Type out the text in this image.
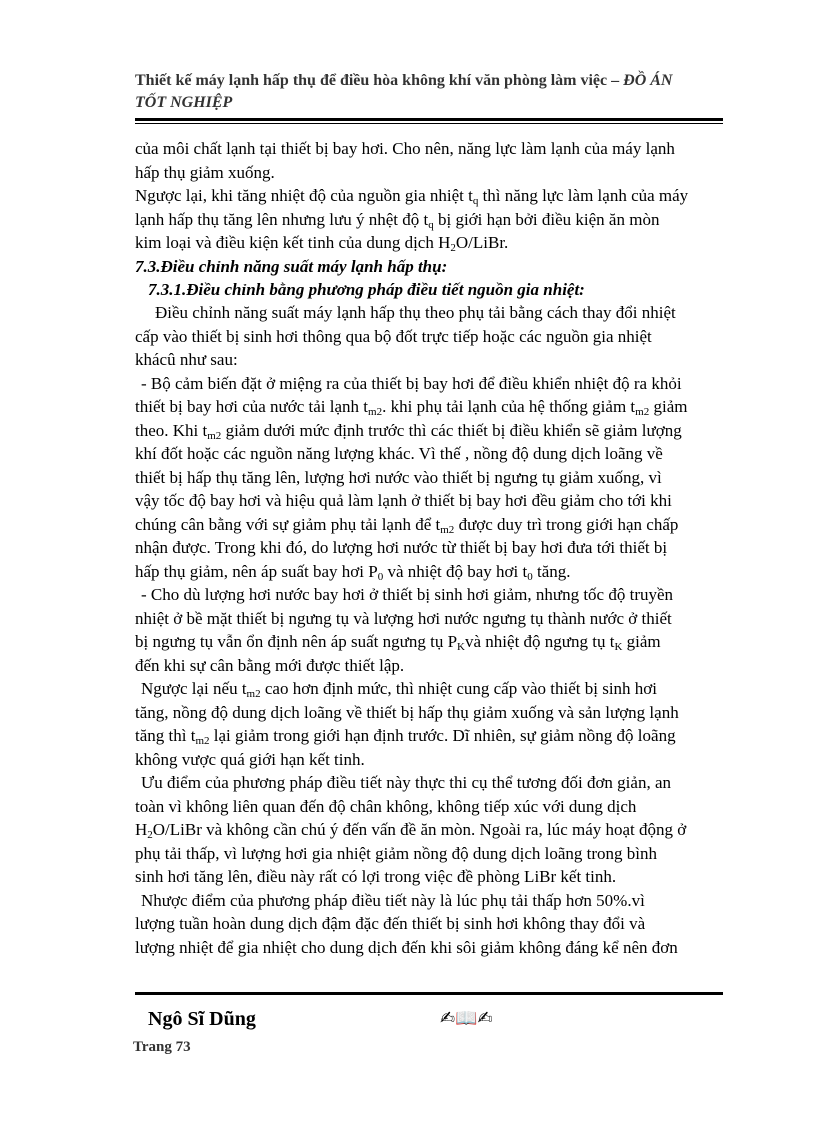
Thiết kế máy lạnh hấp thụ để điều hòa không khí văn phòng làm việc – ĐỒ ÁN
TỐT NGHIỆP
của môi chất lạnh tại thiết bị bay hơi. Cho nên, năng lực làm lạnh của máy lạnh
hấp thụ giảm xuống.
Ngược lại, khi tăng nhiệt độ của nguồn gia nhiệt $t_q$ thì năng lực làm lạnh của máy
lạnh hấp thụ tăng lên nhưng lưu ý nhệt độ $t_q$ bị giới hạn bởi điều kiện ăn mòn
kim loại và điều kiện kết tinh của dung dịch $H_2O$/LiBr.
7.3.Điều chỉnh năng suất máy lạnh hấp thụ:
7.3.1.Điều chỉnh bằng phương pháp điều tiết nguồn gia nhiệt:
Điều chỉnh năng suất máy lạnh hấp thụ theo phụ tải bằng cách thay đổi nhiệt
cấp vào thiết bị sinh hơi thông qua bộ đốt trực tiếp hoặc các nguồn gia nhiệt
khácû như sau:
- Bộ cảm biến đặt ở miệng ra của thiết bị bay hơi để điều khiển nhiệt độ ra khỏi
thiết bị bay hơi của nước tải lạnh $t_{m2}$. khi phụ tải lạnh của hệ thống giảm $t_{m2}$ giảm
theo. Khi $t_{m2}$ giảm dưới mức định trước thì các thiết bị điều khiển sẽ giảm lượng
khí đốt hoặc các nguồn năng lượng khác. Vì thế , nồng độ dung dịch loãng về
thiết bị hấp thụ tăng lên, lượng hơi nước vào thiết bị ngưng tụ giảm xuống, vì
vậy tốc độ bay hơi và hiệu quả làm lạnh ở thiết bị bay hơi đều giảm cho tới khi
chúng cân bằng với sự giảm phụ tải lạnh để $t_{m2}$ được duy trì trong giới hạn chấp
nhận được. Trong khi đó, do lượng hơi nước từ thiết bị bay hơi đưa tới thiết bị
hấp thụ giảm, nên áp suất bay hơi $P_0$ và nhiệt độ bay hơi $t_0$ tăng.
- Cho dù lượng hơi nước bay hơi ở thiết bị sinh hơi giảm, nhưng tốc độ truyền
nhiệt ở bề mặt thiết bị ngưng tụ và lượng hơi nước ngưng tụ thành nước ở thiết
bị ngưng tụ vẫn ổn định nên áp suất ngưng tụ $P_Kvà$ nhiệt độ ngưng tụ $t_K$ giảm
đến khi sự cân bằng mới được thiết lập.
Ngược lại nếu $t_{m2}$ cao hơn định mức, thì nhiệt cung cấp vào thiết bị sinh hơi
tăng, nồng độ dung dịch loãng về thiết bị hấp thụ giảm xuống và sản lượng lạnh
tăng thì $t_{m2}$ lại giảm trong giới hạn định trước. Dĩ nhiên, sự giảm nồng độ loãng
không vược quá giới hạn kết tinh.
Ưu điểm của phương pháp điều tiết này thực thi cụ thể tương đối đơn giản, an
toàn vì không liên quan đến độ chân không, không tiếp xúc với dung dịch
$H_2O$/LiBr và không cần chú ý đến vấn đề ăn mòn. Ngoài ra, lúc máy hoạt động ở
phụ tải thấp, vì lượng hơi gia nhiệt giảm nồng độ dung dịch loãng trong bình
sinh hơi tăng lên, điều này rất có lợi trong việc đề phòng LiBr kết tinh.
Nhược điểm của phương pháp điều tiết này là lúc phụ tải thấp hơn 50%.vì
lượng tuần hoàn dung dịch đậm đặc đến thiết bị sinh hơi không thay đổi và
lượng nhiệt để gia nhiệt cho dung dịch đến khi sôi giảm không đáng kể nên đơn
Ngô Sĩ Dũng	✍📖✍
Trang 73
